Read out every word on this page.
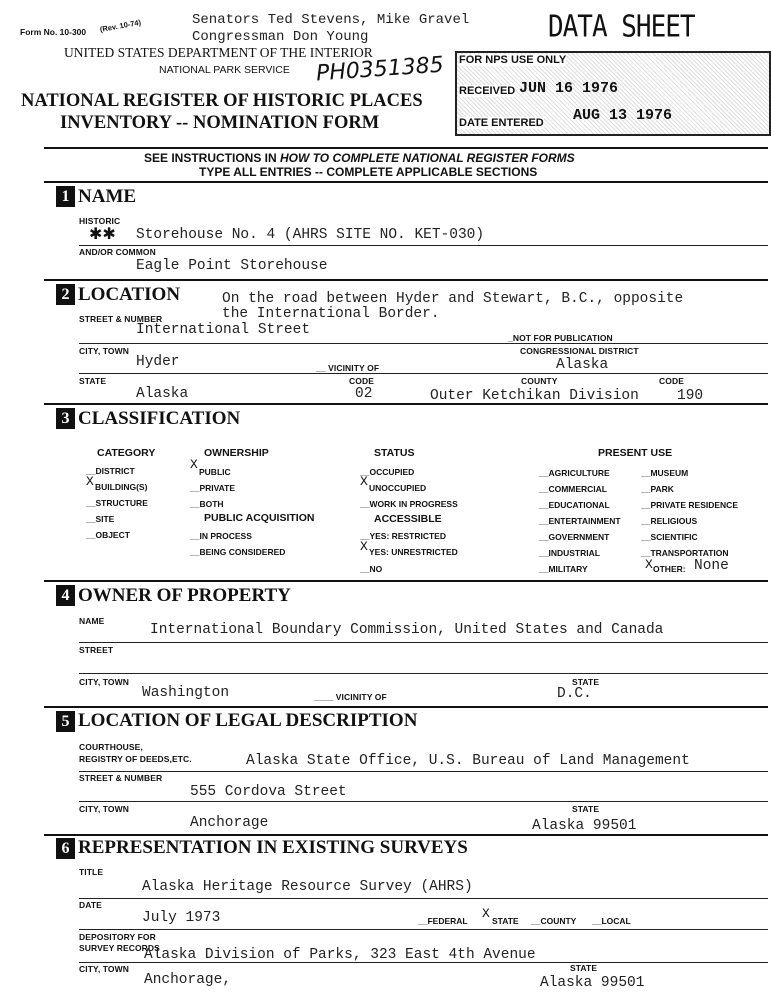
Form No. 10-300 (Rev. 10-74)	Senators Ted Stevens, Mike Gravel
Congressman Don Young	DATA SHEET
UNITED STATES DEPARTMENT OF THE INTERIOR
NATIONAL PARK SERVICE PH0351385
NATIONAL REGISTER OF HISTORIC PLACES
INVENTORY -- NOMINATION FORM
FOR NPS USE ONLY
RECEIVED JUN 16 1976
DATE ENTERED AUG 13 1976
SEE INSTRUCTIONS IN HOW TO COMPLETE NATIONAL REGISTER FORMS
TYPE ALL ENTRIES -- COMPLETE APPLICABLE SECTIONS
1 NAME
HISTORIC
✱✱ Storehouse No. 4 (AHRS SITE NO. KET-030)
AND/OR COMMON
Eagle Point Storehouse
2 LOCATION	On the road between Hyder and Stewart, B.C., opposite
the International Border.
STREET & NUMBER
International Street	_NOT FOR PUBLICATION
CITY, TOWN	CONGRESSIONAL DISTRICT
Hyder	__ VICINITY OF	Alaska
STATE	CODE	COUNTY	CODE
Alaska	02	Outer Ketchikan Division	190
3 CLASSIFICATION
CATEGORY
__DISTRICT
X BUILDING(S)
__STRUCTURE
__SITE
__OBJECT
OWNERSHIP
X PUBLIC
__PRIVATE
__BOTH
PUBLIC ACQUISITION
__IN PROCESS
__BEING CONSIDERED
STATUS
__OCCUPIED
X UNOCCUPIED
__WORK IN PROGRESS
ACCESSIBLE
__YES: RESTRICTED
X YES: UNRESTRICTED
__NO
PRESENT USE
__AGRICULTURE
__COMMERCIAL
__EDUCATIONAL
__ENTERTAINMENT
__GOVERNMENT
__INDUSTRIAL
__MILITARY
__MUSEUM
__PARK
__PRIVATE RESIDENCE
__RELIGIOUS
__SCIENTIFIC
__TRANSPORTATION
X OTHER: None
4 OWNER OF PROPERTY
NAME
International Boundary Commission, United States and Canada
STREET
CITY, TOWN	STATE
Washington	____ VICINITY OF	D.C.
5 LOCATION OF LEGAL DESCRIPTION
COURTHOUSE,
REGISTRY OF DEEDS,ETC.	Alaska State Office, U.S. Bureau of Land Management
STREET & NUMBER
555 Cordova Street
CITY, TOWN	STATE
Anchorage	Alaska 99501
6 REPRESENTATION IN EXISTING SURVEYS
TITLE
Alaska Heritage Resource Survey (AHRS)
DATE
July 1973	__FEDERAL X STATE __COUNTY __LOCAL
DEPOSITORY FOR
SURVEY RECORDS
Alaska Division of Parks, 323 East 4th Avenue
CITY, TOWN	STATE
Anchorage,	Alaska 99501
